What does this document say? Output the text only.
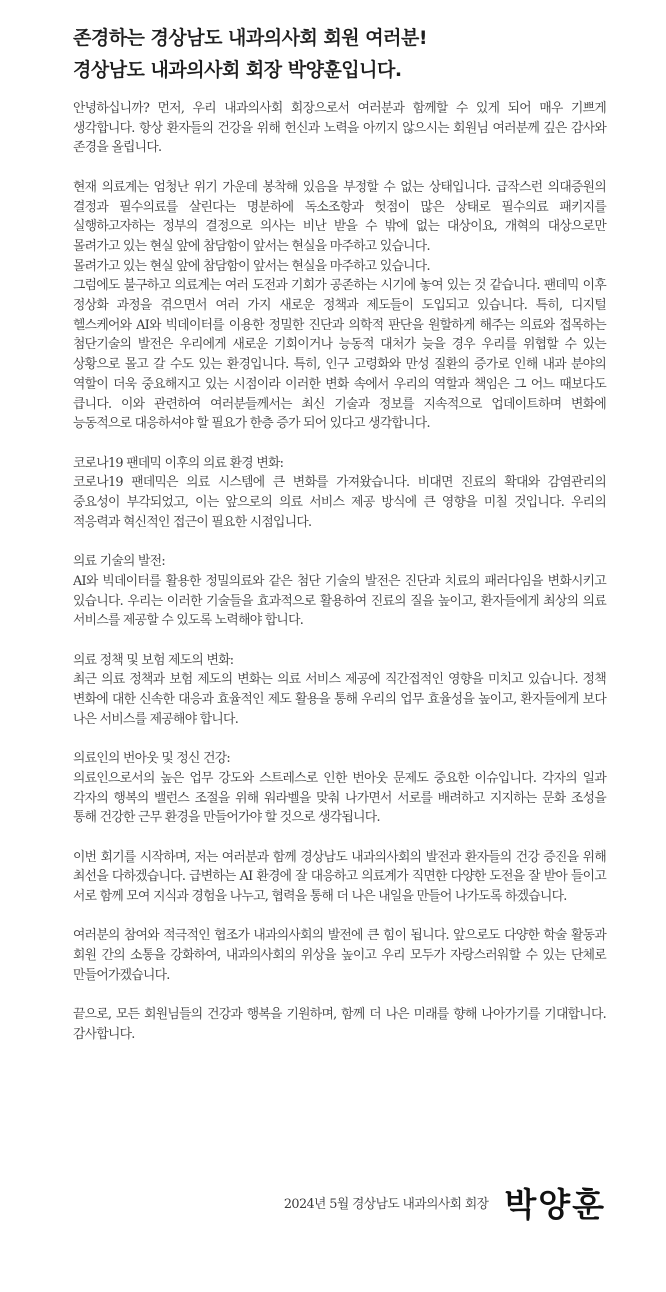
존경하는 경상남도 내과의사회 회원 여러분!
경상남도 내과의사회 회장 박양훈입니다.

안녕하십니까? 먼저, 우리 내과의사회 회장으로서 여러분과 함께할 수 있게 되어 매우 기쁘게 생각합니다. 항상 환자들의 건강을 위해 헌신과 노력을 아끼지 않으시는 회원님 여러분께 깊은 감사와 존경을 올립니다.

현재 의료계는 엄청난 위기 가운데 봉착해 있음을 부정할 수 없는 상태입니다. 급작스런 의대증원의 결정과 필수의료를 살린다는 명분하에 독소조항과 헛점이 많은 상태로 필수의료 패키지를 실행하고자하는 정부의 결정으로 의사는 비난 받을 수 밖에 없는 대상이요, 개혁의 대상으로만 몰려가고 있는 현실 앞에 참담함이 앞서는 현실을 마주하고 있습니다.

몰려가고 있는 현실 앞에 참담함이 앞서는 현실을 마주하고 있습니다.

그럼에도 불구하고 의료계는 여러 도전과 기회가 공존하는 시기에 놓여 있는 것 같습니다. 팬데믹 이후 정상화 과정을 겪으면서 여러 가지 새로운 정책과 제도들이 도입되고 있습니다. 특히, 디지털 헬스케어와 AI와 빅데이터를 이용한 정밀한 진단과 의학적 판단을 원할하게 해주는 의료와 접목하는 첨단기술의 발전은 우리에게 새로운 기회이거나 능동적 대처가 늦을 경우 우리를 위협할 수 있는 상황으로 몰고 갈 수도 있는 환경입니다. 특히, 인구 고령화와 만성 질환의 증가로 인해 내과 분야의 역할이 더욱 중요해지고 있는 시점이라 이러한 변화 속에서 우리의 역할과 책임은 그 어느 때보다도 큽니다. 이와 관련하여 여러분들께서는 최신 기술과 정보를 지속적으로 업데이트하며 변화에 능동적으로 대응하셔야 할 필요가 한층 증가 되어 있다고 생각합니다.

코로나19 팬데믹 이후의 의료 환경 변화:
코로나19 팬데믹은 의료 시스템에 큰 변화를 가져왔습니다. 비대면 진료의 확대와 감염관리의 중요성이 부각되었고, 이는 앞으로의 의료 서비스 제공 방식에 큰 영향을 미칠 것입니다. 우리의 적응력과 혁신적인 접근이 필요한 시점입니다.
의료 기술의 발전:
AI와 빅데이터를 활용한 정밀의료와 같은 첨단 기술의 발전은 진단과 치료의 패러다임을 변화시키고 있습니다. 우리는 이러한 기술들을 효과적으로 활용하여 진료의 질을 높이고, 환자들에게 최상의 의료 서비스를 제공할 수 있도록 노력해야 합니다.
의료 정책 및 보험 제도의 변화:
최근 의료 정책과 보험 제도의 변화는 의료 서비스 제공에 직간접적인 영향을 미치고 있습니다. 정책 변화에 대한 신속한 대응과 효율적인 제도 활용을 통해 우리의 업무 효율성을 높이고, 환자들에게 보다 나은 서비스를 제공해야 합니다.
의료인의 번아웃 및 정신 건강:
의료인으로서의 높은 업무 강도와 스트레스로 인한 번아웃 문제도 중요한 이슈입니다. 각자의 일과 각자의 행복의 밸런스 조절을 위해 워라벨을 맞춰 나가면서 서로를 배려하고 지지하는 문화 조성을 통해 건강한 근무 환경을 만들어가야 할 것으로 생각됩니다.

이번 회기를 시작하며, 저는 여러분과 함께 경상남도 내과의사회의 발전과 환자들의 건강 증진을 위해 최선을 다하겠습니다. 급변하는 AI 환경에 잘 대응하고 의료계가 직면한 다양한 도전을 잘 받아 들이고 서로 함께 모여 지식과 경험을 나누고, 협력을 통해 더 나은 내일을 만들어 나가도록 하겠습니다.

여러분의 참여와 적극적인 협조가 내과의사회의 발전에 큰 힘이 됩니다. 앞으로도 다양한 학술 활동과 회원 간의 소통을 강화하여, 내과의사회의 위상을 높이고 우리 모두가 자랑스러워할 수 있는 단체로 만들어가겠습니다.

끝으로, 모든 회원님들의 건강과 행복을 기원하며, 함께 더 나은 미래를 향해 나아가기를 기대합니다. 감사합니다.

2024년 5월 경상남도 내과의사회 회장 박양훈
